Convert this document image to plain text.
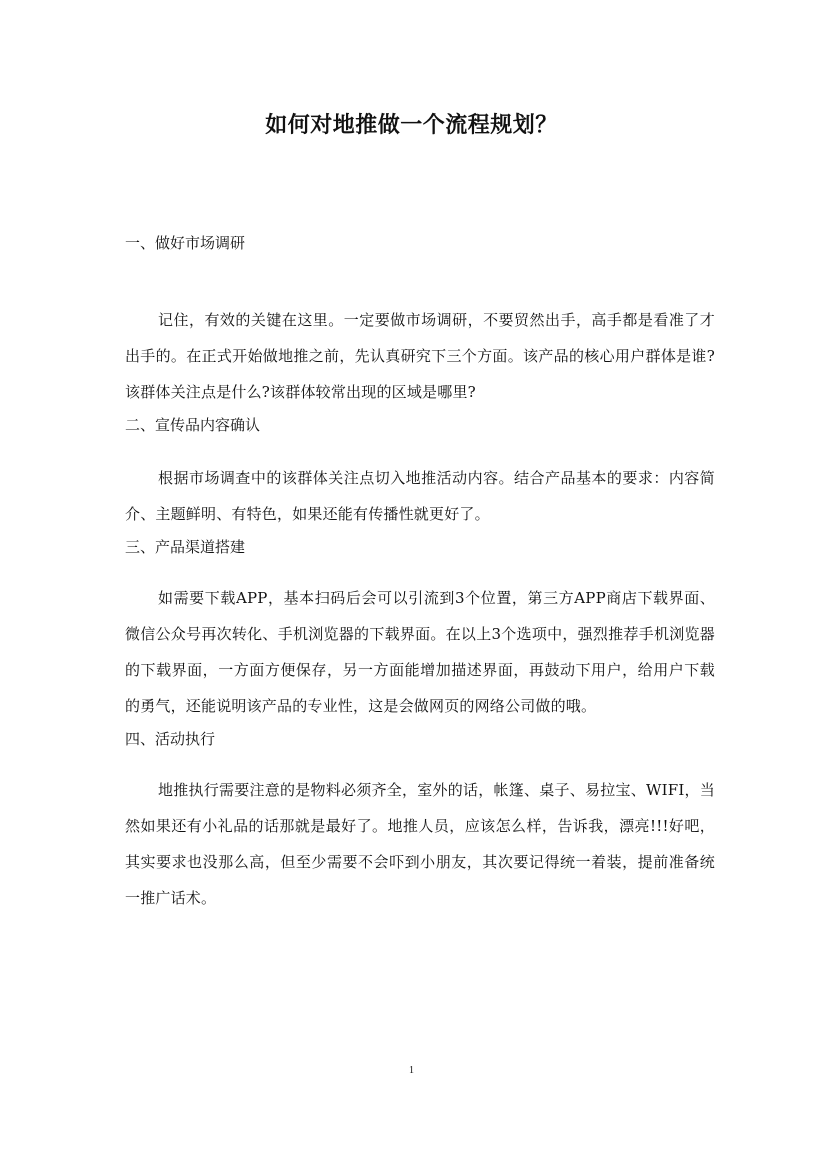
如何对地推做一个流程规划？
一、做好市场调研
记住，有效的关键在这里。一定要做市场调研，不要贸然出手，高手都是看准了才出手的。在正式开始做地推之前，先认真研究下三个方面。该产品的核心用户群体是谁?该群体关注点是什么?该群体较常出现的区域是哪里?
二、宣传品内容确认
根据市场调查中的该群体关注点切入地推活动内容。结合产品基本的要求：内容简介、主题鲜明、有特色，如果还能有传播性就更好了。
三、产品渠道搭建
如需要下载APP，基本扫码后会可以引流到3个位置，第三方APP商店下载界面、微信公众号再次转化、手机浏览器的下载界面。在以上3个选项中，强烈推荐手机浏览器的下载界面，一方面方便保存，另一方面能增加描述界面，再鼓动下用户，给用户下载的勇气，还能说明该产品的专业性，这是会做网页的网络公司做的哦。
四、活动执行
地推执行需要注意的是物料必须齐全，室外的话，帐篷、桌子、易拉宝、WIFI，当然如果还有小礼品的话那就是最好了。地推人员，应该怎么样，告诉我，漂亮!!!好吧，其实要求也没那么高，但至少需要不会吓到小朋友，其次要记得统一着装，提前准备统一推广话术。
1
